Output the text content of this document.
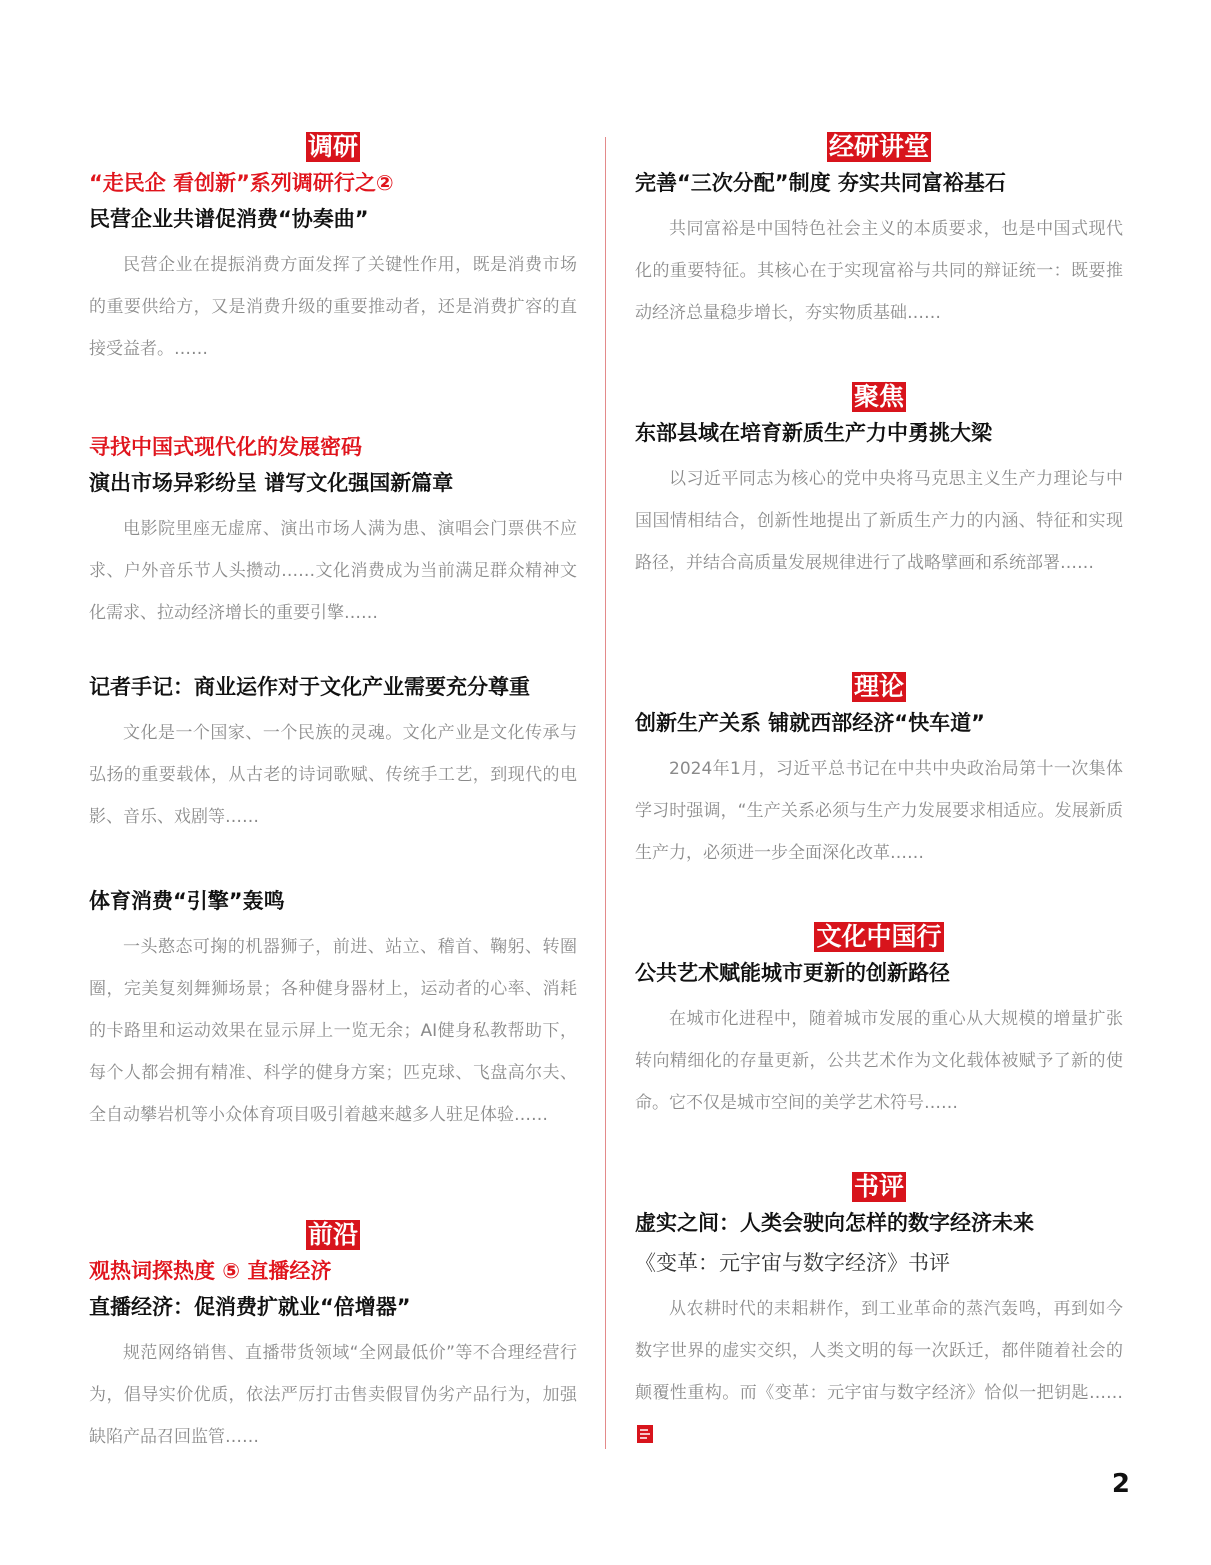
调研
“走民企 看创新”系列调研行之②
民营企业共谱促消费“协奏曲”

民营企业在提振消费方面发挥了关键性作用，既是消费市场的重要供给方，又是消费升级的重要推动者，还是消费扩容的直接受益者。……

寻找中国式现代化的发展密码
演出市场异彩纷呈 谱写文化强国新篇章

电影院里座无虚席、演出市场人满为患、演唱会门票供不应求、户外音乐节人头攒动……文化消费成为当前满足群众精神文化需求、拉动经济增长的重要引擎……

记者手记：商业运作对于文化产业需要充分尊重

文化是一个国家、一个民族的灵魂。文化产业是文化传承与弘扬的重要载体，从古老的诗词歌赋、传统手工艺，到现代的电影、音乐、戏剧等……

体育消费“引擎”轰鸣

一头憨态可掬的机器狮子，前进、站立、稽首、鞠躬、转圈圈，完美复刻舞狮场景；各种健身器材上，运动者的心率、消耗的卡路里和运动效果在显示屏上一览无余；AI健身私教帮助下，每个人都会拥有精准、科学的健身方案；匹克球、飞盘高尔夫、全自动攀岩机等小众体育项目吸引着越来越多人驻足体验……

前沿
观热词探热度 ⑤ 直播经济
直播经济：促消费扩就业“倍增器”

规范网络销售、直播带货领域“全网最低价”等不合理经营行为，倡导实价优质，依法严厉打击售卖假冒伪劣产品行为，加强缺陷产品召回监管……

经研讲堂
完善“三次分配”制度 夯实共同富裕基石

共同富裕是中国特色社会主义的本质要求，也是中国式现代化的重要特征。其核心在于实现富裕与共同的辩证统一：既要推动经济总量稳步增长，夯实物质基础……

聚焦
东部县域在培育新质生产力中勇挑大梁

以习近平同志为核心的党中央将马克思主义生产力理论与中国国情相结合，创新性地提出了新质生产力的内涵、特征和实现路径，并结合高质量发展规律进行了战略擘画和系统部署……

理论
创新生产关系 铺就西部经济“快车道”

2024年1月，习近平总书记在中共中央政治局第十一次集体学习时强调，“生产关系必须与生产力发展要求相适应。发展新质生产力，必须进一步全面深化改革……

文化中国行
公共艺术赋能城市更新的创新路径

在城市化进程中，随着城市发展的重心从大规模的增量扩张转向精细化的存量更新，公共艺术作为文化载体被赋予了新的使命。它不仅是城市空间的美学艺术符号……

书评
虚实之间：人类会驶向怎样的数字经济未来
《变革：元宇宙与数字经济》书评

从农耕时代的耒耜耕作，到工业革命的蒸汽轰鸣，再到如今数字世界的虚实交织，人类文明的每一次跃迁，都伴随着社会的颠覆性重构。而《变革：元宇宙与数字经济》恰似一把钥匙……

2
